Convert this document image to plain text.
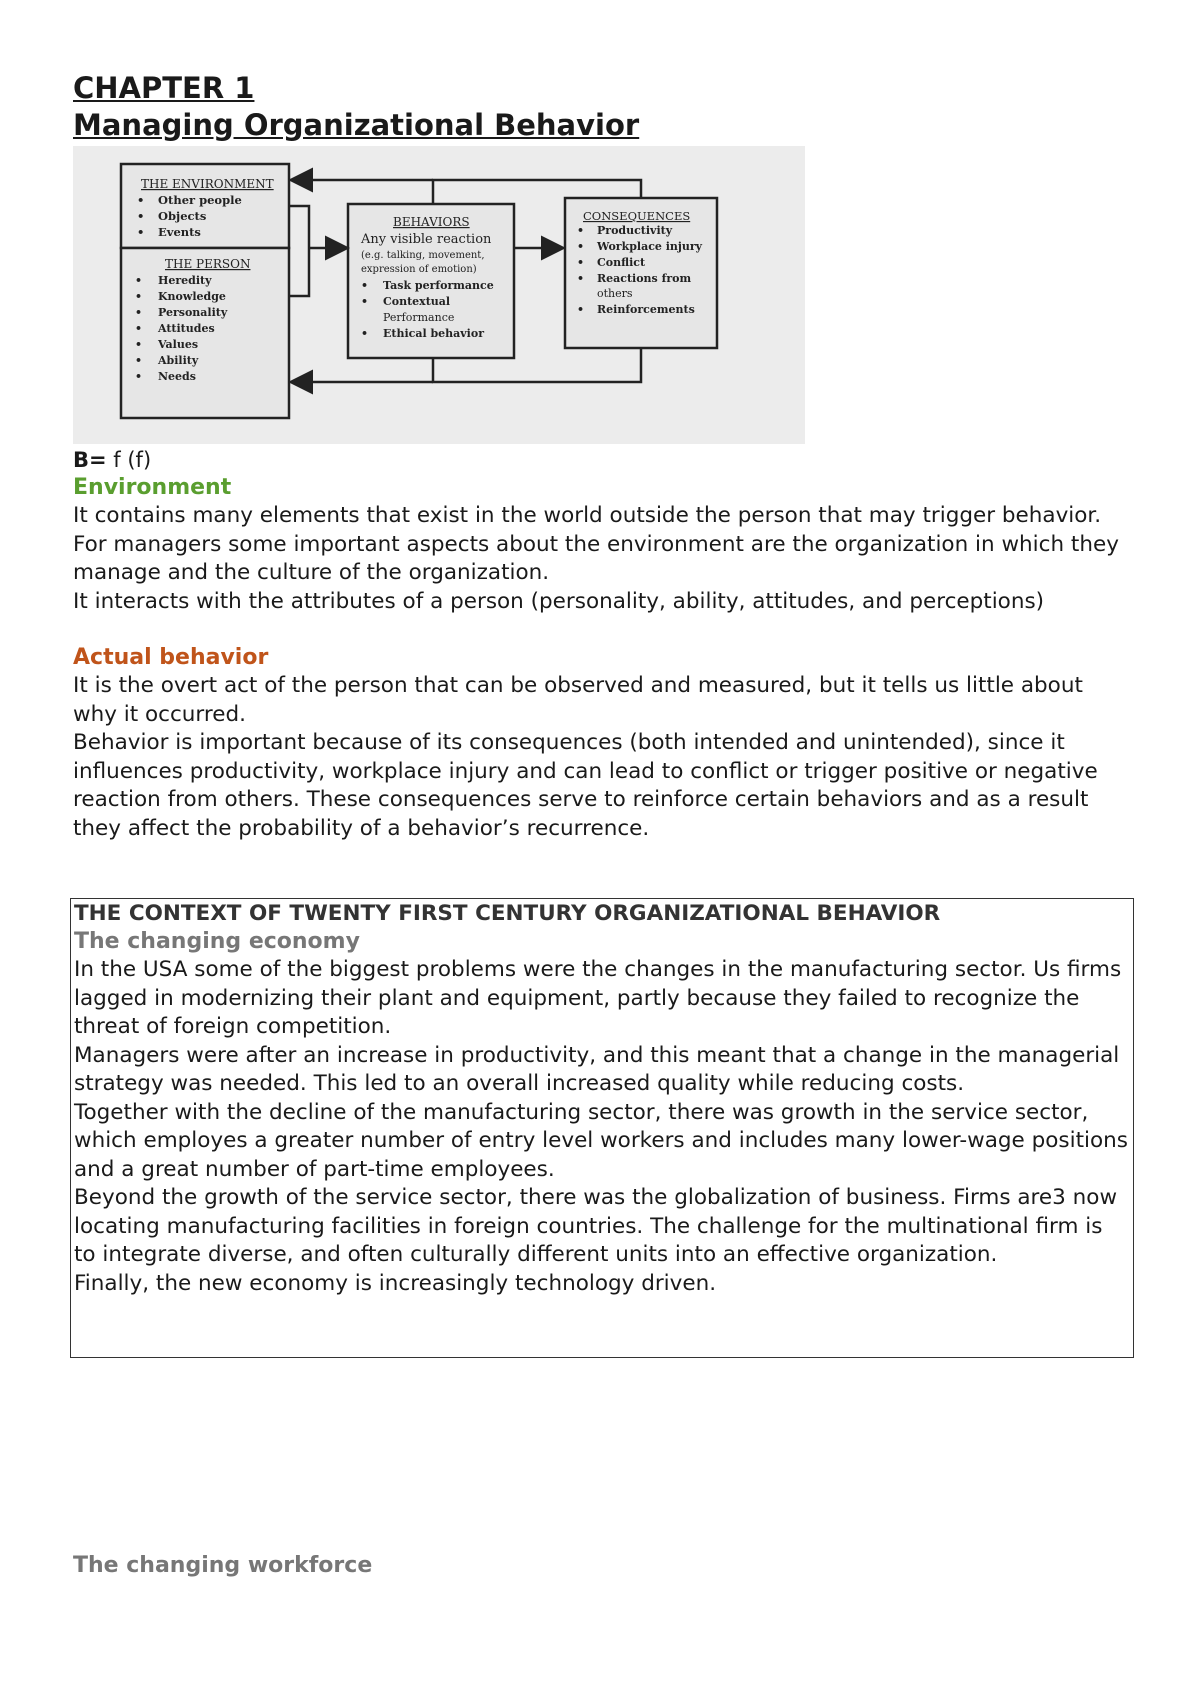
CHAPTER 1
Managing Organizational Behavior
THE ENVIRONMENT
• Other people
• Objects
• Events
THE PERSON
• Heredity
• Knowledge
• Personality
• Attitudes
• Values
• Ability
• Needs
BEHAVIORS
Any visible reaction
(e.g. talking, movement,
expression of emotion)
• Task performance
• Contextual
Performance
• Ethical behavior
CONSEQUENCES
• Productivity
• Workplace injury
• Conflict
• Reactions from
others
• Reinforcements
B= f (f)
Environment
It contains many elements that exist in the world outside the person that may trigger behavior. For managers some important aspects about the environment are the organization in which they manage and the culture of the organization.
It interacts with the attributes of a person (personality, ability, attitudes, and perceptions)
Actual behavior
It is the overt act of the person that can be observed and measured, but it tells us little about why it occurred.
Behavior is important because of its consequences (both intended and unintended), since it influences productivity, workplace injury and can lead to conflict or trigger positive or negative reaction from others. These consequences serve to reinforce certain behaviors and as a result they affect the probability of a behavior’s recurrence.
THE CONTEXT OF TWENTY FIRST CENTURY ORGANIZATIONAL BEHAVIOR
The changing economy
In the USA some of the biggest problems were the changes in the manufacturing sector. Us firms lagged in modernizing their plant and equipment, partly because they failed to recognize the threat of foreign competition.
Managers were after an increase in productivity, and this meant that a change in the managerial strategy was needed. This led to an overall increased quality while reducing costs.
Together with the decline of the manufacturing sector, there was growth in the service sector, which employes a greater number of entry level workers and includes many lower-wage positions and a great number of part-time employees.
Beyond the growth of the service sector, there was the globalization of business. Firms are3 now locating manufacturing facilities in foreign countries. The challenge for the multinational firm is to integrate diverse, and often culturally different units into an effective organization.
Finally, the new economy is increasingly technology driven.
The changing workforce
